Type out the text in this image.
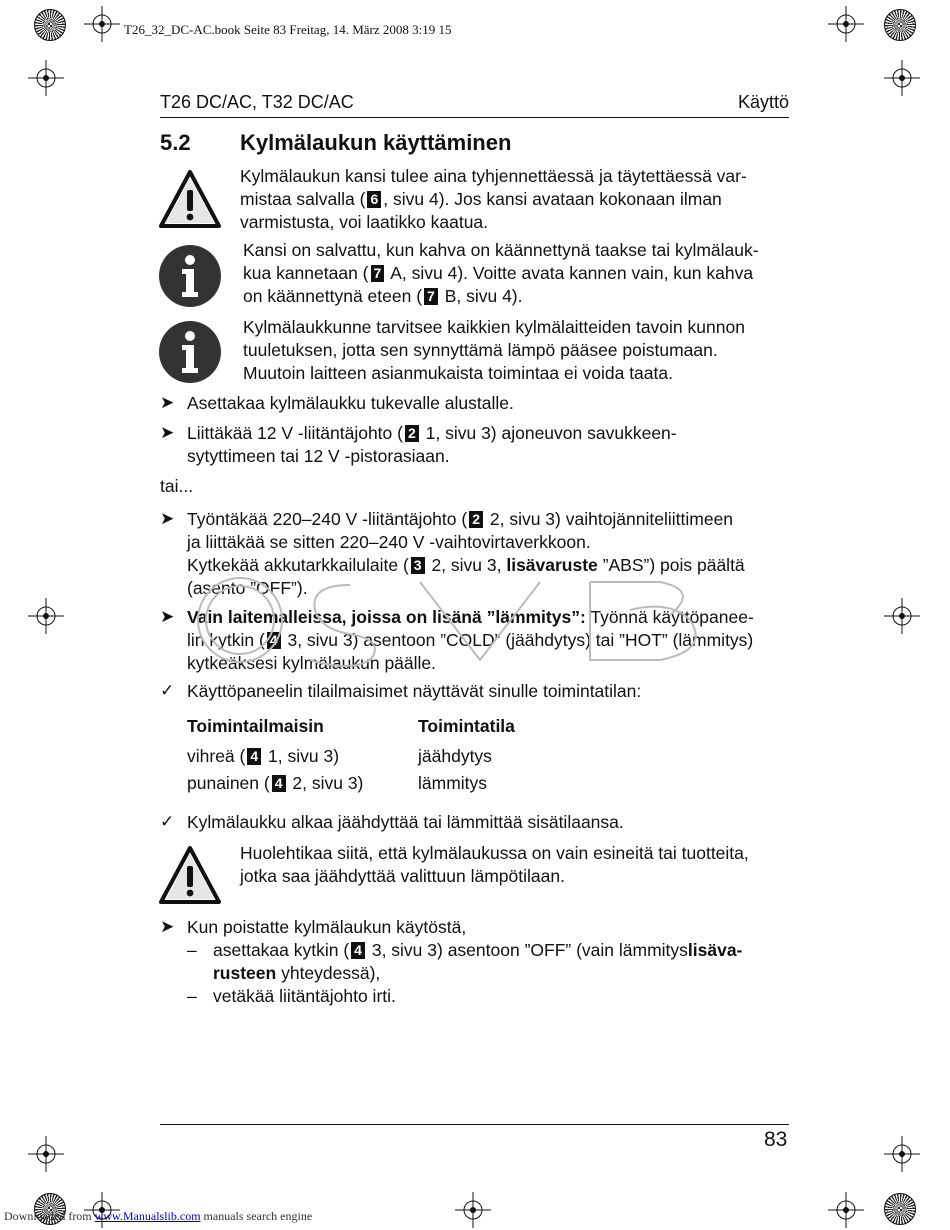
T26_32_DC-AC.book Seite 83 Freitag, 14. März 2008 3:19 15
T26 DC/AC, T32 DC/AC	Käyttö
5.2 Kylmälaukun käyttäminen
Kylmälaukun kansi tulee aina tyhjennettäessä ja täytettäessä var-
mistaa salvalla ( 6 , sivu 4). Jos kansi avataan kokonaan ilman
varmistusta, voi laatikko kaatua.
Kansi on salvattu, kun kahva on käännettynä taakse tai kylmälauk-
kua kannetaan ( 7 A, sivu 4). Voitte avata kannen vain, kun kahva
on käännettynä eteen ( 7 B, sivu 4).
Kylmälaukkunne tarvitsee kaikkien kylmälaitteiden tavoin kunnon
tuuletuksen, jotta sen synnyttämä lämpö pääsee poistumaan.
Muutoin laitteen asianmukaista toimintaa ei voida taata.
➤ Asettakaa kylmälaukku tukevalle alustalle.
➤ Liittäkää 12 V -liitäntäjohto ( 2 1, sivu 3) ajoneuvon savukkeen-
sytyttimeen tai 12 V -pistorasiaan.
tai...
➤ Työntäkää 220–240 V -liitäntäjohto ( 2 2, sivu 3) vaihtojänniteliittimeen
ja liittäkää se sitten 220–240 V -vaihtovirtaverkkoon.
Kytkekää akkutarkkailulaite ( 3 2, sivu 3, lisävaruste ”ABS”) pois päältä
(asento ”OFF”).
➤ Vain laitemalleissa, joissa on lisänä ”lämmitys”: Työnnä käyttöpanee-
lin kytkin ( 4 3, sivu 3) asentoon ”COLD” (jäähdytys) tai ”HOT” (lämmitys)
kytkeäksesi kylmälaukun päälle.
✓ Käyttöpaneelin tilailmaisimet näyttävät sinulle toimintatilan:
Toimintailmaisin	Toimintatila
vihreä ( 4 1, sivu 3)	jäähdytys
punainen ( 4 2, sivu 3)	lämmitys
✓ Kylmälaukku alkaa jäähdyttää tai lämmittää sisätilaansa.
Huolehtikaa siitä, että kylmälaukussa on vain esineitä tai tuotteita,
jotka saa jäähdyttää valittuun lämpötilaan.
➤ Kun poistatte kylmälaukun käytöstä,
– asettakaa kytkin ( 4 3, sivu 3) asentoon ”OFF” (vain lämmityslisäva-
rusteen yhteydessä),
– vetäkää liitäntäjohto irti.
83
Downloaded from www.Manualslib.com manuals search engine
